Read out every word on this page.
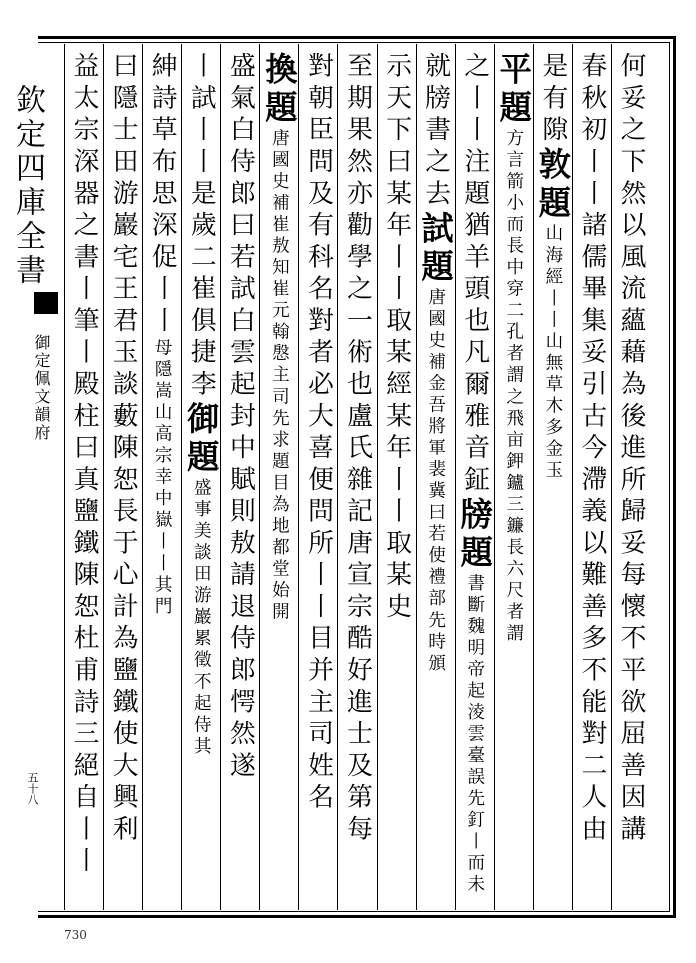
欽定四庫全書
御定佩文韻府
五十八	何妥之下然以風流蘊藉為後進所歸妥每懷不平欲屈善因講
春秋初丨丨諸儒畢集妥引古今滯義以難善多不能對二人由
是有隙敦題山海經丨丨山無草木多金玉
平題方言箭小而長中穿二孔者謂之飛亩鉀鑪三鐮長六尺者謂
之丨丨注題猶羊頭也凡爾雅音鉦牓題書斷魏明帝起淩雲臺誤先釘丨而未
就牓書之去試題唐國史補金吾將軍裴冀曰若使禮部先時頒
示天下曰某年丨丨取某經某年丨丨取某史
至期果然亦勸學之一術也盧氏雜記唐宣宗酷好進士及第每
對朝臣問及有科名對者必大喜便問所丨丨目并主司姓名
換題唐國史補崔敖知崔元翰慇主司先求題目為地都堂始開
盛氣白侍郎曰若試白雲起封中賦則敖請退侍郎愕然遂
丨試丨丨是歲二崔俱捷李御題盛事美談田游巖累徵不起侍其
紳詩草布思深促丨丨母隱嵩山高宗幸中嶽丨丨其門
曰隱士田游巖宅王君玉談藪陳恕長于心計為鹽鐵使大興利
益太宗深器之書丨筆丨殿柱曰真鹽鐵陳恕杜甫詩三絕自丨丨
730
